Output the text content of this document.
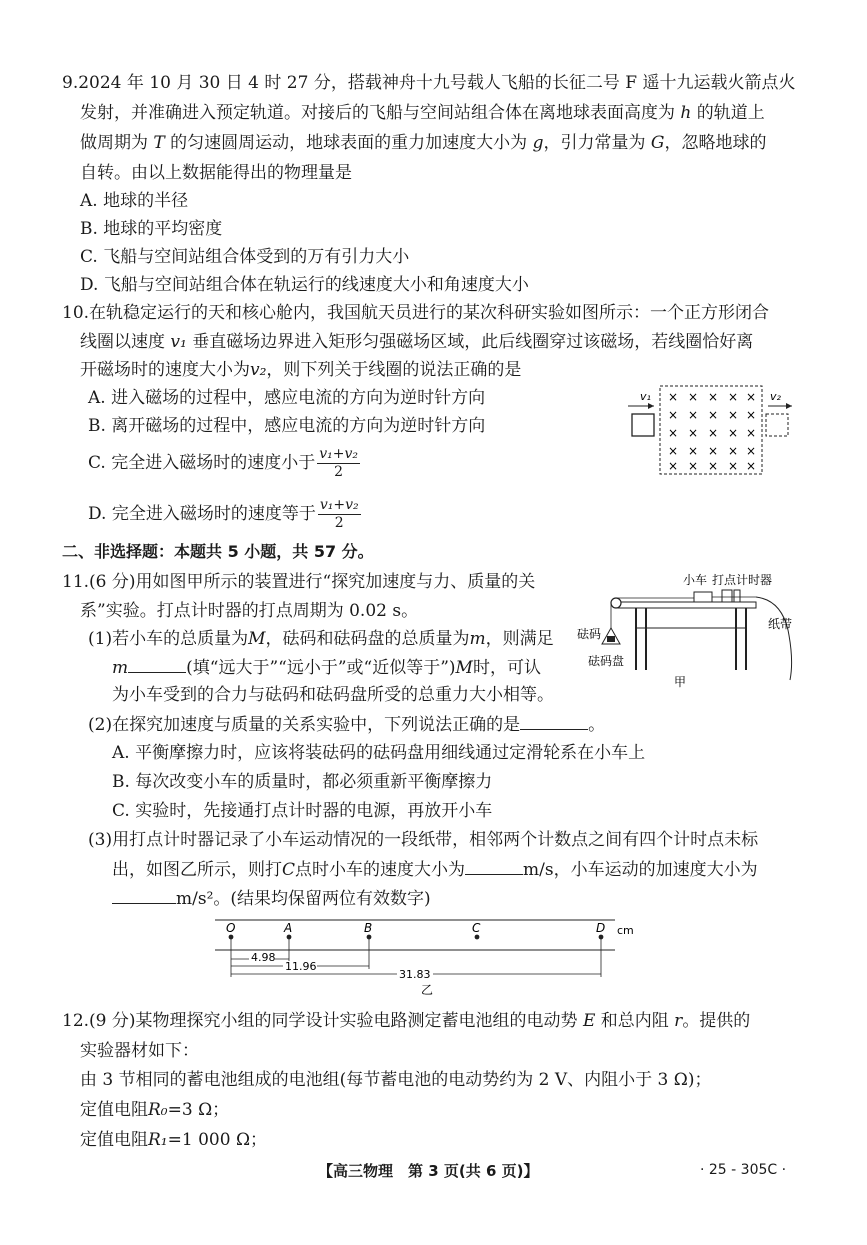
9.2024 年 10 月 30 日 4 时 27 分，搭载神舟十九号载人飞船的长征二号 F 遥十九运载火箭点火
发射，并准确进入预定轨道。对接后的飞船与空间站组合体在离地球表面高度为 h 的轨道上
做周期为 T 的匀速圆周运动，地球表面的重力加速度大小为 g，引力常量为 G，忽略地球的
自转。由以上数据能得出的物理量是
A. 地球的半径
B. 地球的平均密度
C. 飞船与空间站组合体受到的万有引力大小
D. 飞船与空间站组合体在轨运行的线速度大小和角速度大小
10.在轨稳定运行的天和核心舱内，我国航天员进行的某次科研实验如图所示：一个正方形闭合
线圈以速度 v₁ 垂直磁场边界进入矩形匀强磁场区域，此后线圈穿过该磁场，若线圈恰好离
开磁场时的速度大小为v₂，则下列关于线圈的说法正确的是
A. 进入磁场的过程中，感应电流的方向为逆时针方向
B. 离开磁场的过程中，感应电流的方向为逆时针方向
C. 完全进入磁场时的速度小于 $\frac{\text{v₁+v₂}}{2}$
D. 完全进入磁场时的速度等于 $\frac{\text{v₁+v₂}}{2}$
v₁ × × × × ×
× × × × ×
× × × × ×
× × × × ×
× × × × ×
v₂
二、非选择题：本题共 5 小题，共 57 分。
11.(6 分)用如图甲所示的装置进行“探究加速度与力、质量的关
系”实验。打点计时器的打点周期为 0.02 s。
(1)若小车的总质量为M，砝码和砝码盘的总质量为m，则满足
m	(填“远大于”“远小于”或“近似等于”)M时，可认
为小车受到的合力与砝码和砝码盘所受的总重力大小相等。
(2)在探究加速度与质量的关系实验中，下列说法正确的是	。
A. 平衡摩擦力时，应该将装砝码的砝码盘用细线通过定滑轮系在小车上
B. 每次改变小车的质量时，都必须重新平衡摩擦力
C. 实验时，先接通打点计时器的电源，再放开小车
(3)用打点计时器记录了小车运动情况的一段纸带，相邻两个计数点之间有四个计时点未标
出，如图乙所示，则打C点时小车的速度大小为	m/s，小车运动的加速度大小为
m/s²。(结果均保留两位有效数字)
小车 打点计时器
砝码
砝码盘
纸带
甲
O	A	B	C	D cm
4.98
11.96
31.83
乙
12.(9 分)某物理探究小组的同学设计实验电路测定蓄电池组的电动势 E 和总内阻 r。提供的
实验器材如下：
由 3 节相同的蓄电池组成的电池组(每节蓄电池的电动势约为 2 V、内阻小于 3 Ω)；
定值电阻R₀=3 Ω；
定值电阻R₁=1 000 Ω；
【高三物理　第 3 页(共 6 页)】	· 25 - 305C ·
